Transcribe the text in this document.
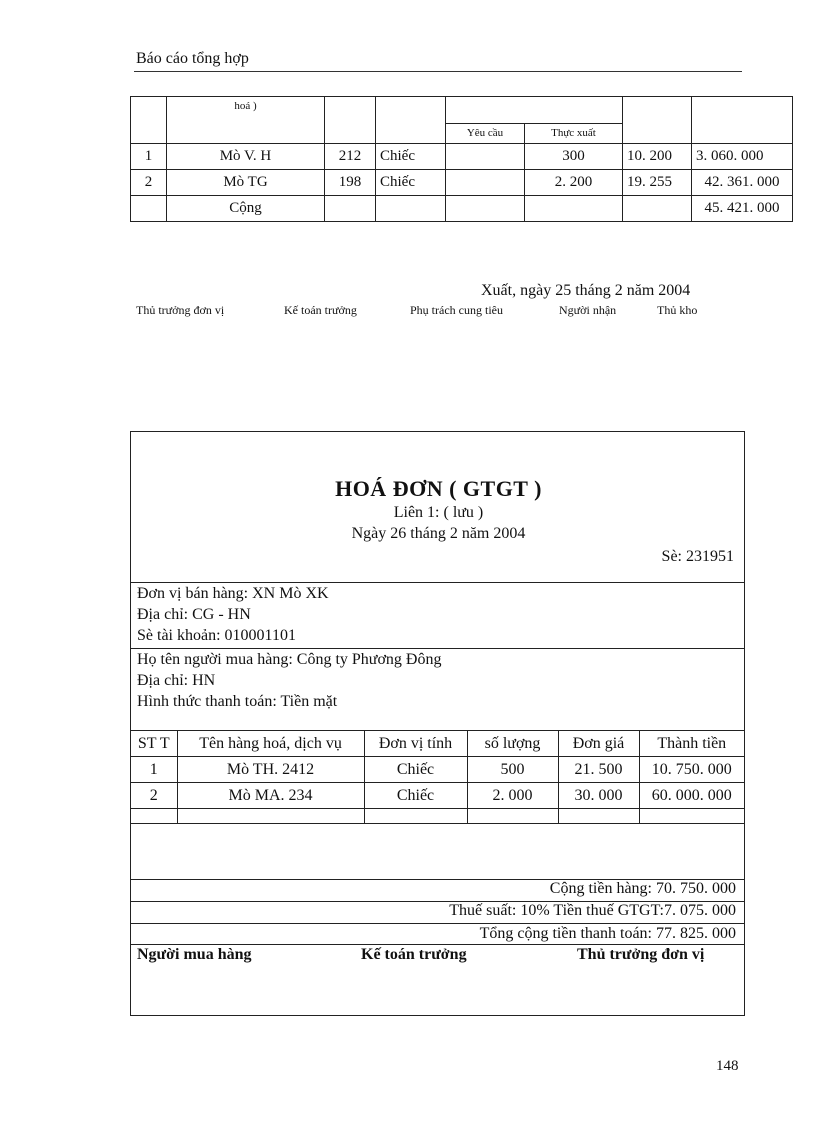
Báo cáo tổng hợp
	hoá )						
				Yêu cầu	Thực xuất		
1	Mò V. H	212	Chiếc		300	10. 200	3. 060. 000
2	Mò TG	198	Chiếc		2. 200	19. 255	42. 361. 000
	Cộng						45. 421. 000
Xuất, ngày 25 tháng 2 năm 2004
Thủ trưởng đơn vị	Kế toán trưởng	Phụ trách cung tiêu	Người nhận	Thủ kho
HOÁ ĐƠN ( GTGT )
Liên 1: ( lưu )
Ngày 26 tháng 2 năm 2004
Sè: 231951
Đơn vị bán hàng: XN Mò XK
Địa chỉ: CG - HN
Sè tài khoản: 010001101
Họ tên người mua hàng: Công ty Phương Đông
Địa chỉ: HN
Hình thức thanh toán: Tiền mặt
ST T	Tên hàng hoá, dịch vụ	Đơn vị tính	số lượng	Đơn giá	Thành tiền
1	Mò TH. 2412	Chiếc	500	21. 500	10. 750. 000
2	Mò MA. 234	Chiếc	2. 000	30. 000	60. 000. 000

Cộng tiền hàng: 70. 750. 000
Thuế suất: 10% Tiền thuế GTGT:7. 075. 000
Tổng cộng tiền thanh toán: 77. 825. 000
Người mua hàng	Kế toán trưởng	Thủ trưởng đơn vị
148
